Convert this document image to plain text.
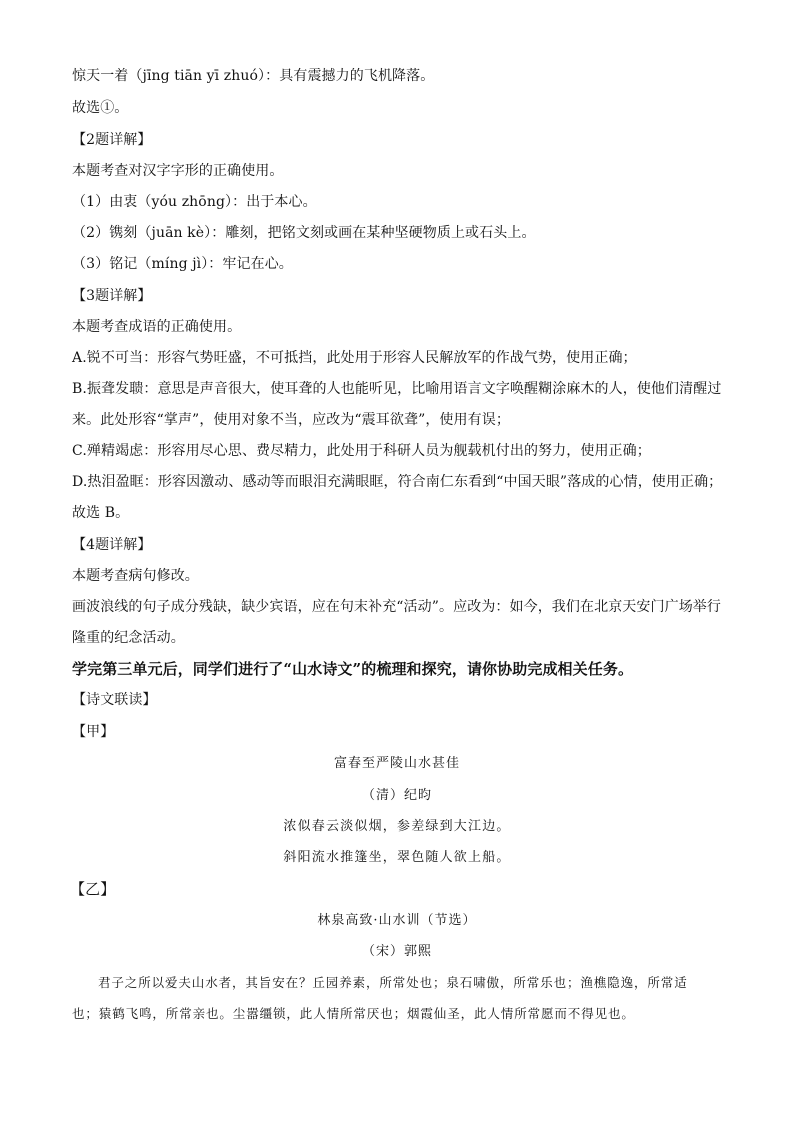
惊天一着（jīng tiān yī zhuó）：具有震撼力的飞机降落。
故选①。
【2题详解】
本题考查对汉字字形的正确使用。
（1）由衷（yóu zhōng）：出于本心。
（2）镌刻（juān kè）：雕刻，把铭文刻或画在某种坚硬物质上或石头上。
（3）铭记（míng jì）：牢记在心。
【3题详解】
本题考查成语的正确使用。
A.锐不可当：形容气势旺盛，不可抵挡，此处用于形容人民解放军的作战气势，使用正确；
B.振聋发聩：意思是声音很大，使耳聋的人也能听见，比喻用语言文字唤醒糊涂麻木的人，使他们清醒过
来。此处形容“掌声”，使用对象不当，应改为“震耳欲聋”，使用有误；
C.殚精竭虑：形容用尽心思、费尽精力，此处用于科研人员为舰载机付出的努力，使用正确；
D.热泪盈眶：形容因激动、感动等而眼泪充满眼眶，符合南仁东看到“中国天眼”落成的心情，使用正确；
故选 B。
【4题详解】
本题考查病句修改。
画波浪线的句子成分残缺，缺少宾语，应在句末补充“活动”。应改为：如今，我们在北京天安门广场举行
隆重的纪念活动。
学完第三单元后，同学们进行了“山水诗文”的梳理和探究，请你协助完成相关任务。
【诗文联读】
【甲】
富春至严陵山水甚佳
（清）纪昀
浓似春云淡似烟，参差绿到大江边。
斜阳流水推篷坐，翠色随人欲上船。
【乙】
林泉高致·山水训（节选）
（宋）郭熙
君子之所以爱夫山水者，其旨安在？丘园养素，所常处也；泉石啸傲，所常乐也；渔樵隐逸，所常适
也；猿鹤飞鸣，所常亲也。尘嚣缰锁，此人情所常厌也；烟霞仙圣，此人情所常愿而不得见也。
